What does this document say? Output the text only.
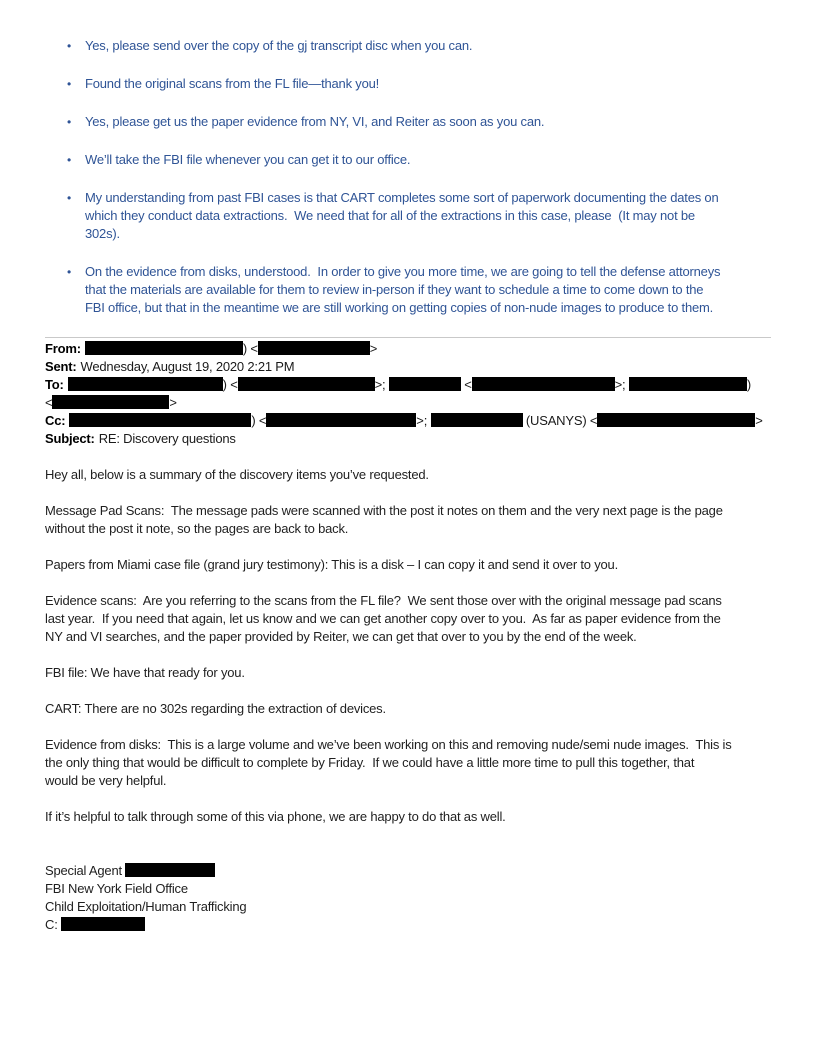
• Yes, please send over the copy of the gj transcript disc when you can.
• Found the original scans from the FL file—thank you!
• Yes, please get us the paper evidence from NY, VI, and Reiter as soon as you can.
• We’ll take the FBI file whenever you can get it to our office.
• My understanding from past FBI cases is that CART completes some sort of paperwork documenting the dates on
which they conduct data extractions.  We need that for all of the extractions in this case, please  (It may not be
302s).
• On the evidence from disks, understood.  In order to give you more time, we are going to tell the defense attorneys
that the materials are available for them to review in-person if they want to schedule a time to come down to the
FBI office, but that in the meantime we are still working on getting copies of non-nude images to produce to them.
From:	) <	>
Sent: Wednesday, August 19, 2020 2:21 PM
To:	) <	>;	<	>;	)
<	>
Cc:	) <	>;	(USANYS) <	>
Subject: RE: Discovery questions
Hey all, below is a summary of the discovery items you’ve requested.
Message Pad Scans:  The message pads were scanned with the post it notes on them and the very next page is the page
without the post it note, so the pages are back to back.
Papers from Miami case file (grand jury testimony): This is a disk – I can copy it and send it over to you.
Evidence scans:  Are you referring to the scans from the FL file?  We sent those over with the original message pad scans
last year.  If you need that again, let us know and we can get another copy over to you.  As far as paper evidence from the
NY and VI searches, and the paper provided by Reiter, we can get that over to you by the end of the week.
FBI file: We have that ready for you.
CART: There are no 302s regarding the extraction of devices.
Evidence from disks:  This is a large volume and we’ve been working on this and removing nude/semi nude images.  This is
the only thing that would be difficult to complete by Friday.  If we could have a little more time to pull this together, that
would be very helpful.
If it’s helpful to talk through some of this via phone, we are happy to do that as well.
Special Agent
FBI New York Field Office
Child Exploitation/Human Trafficking
C:
